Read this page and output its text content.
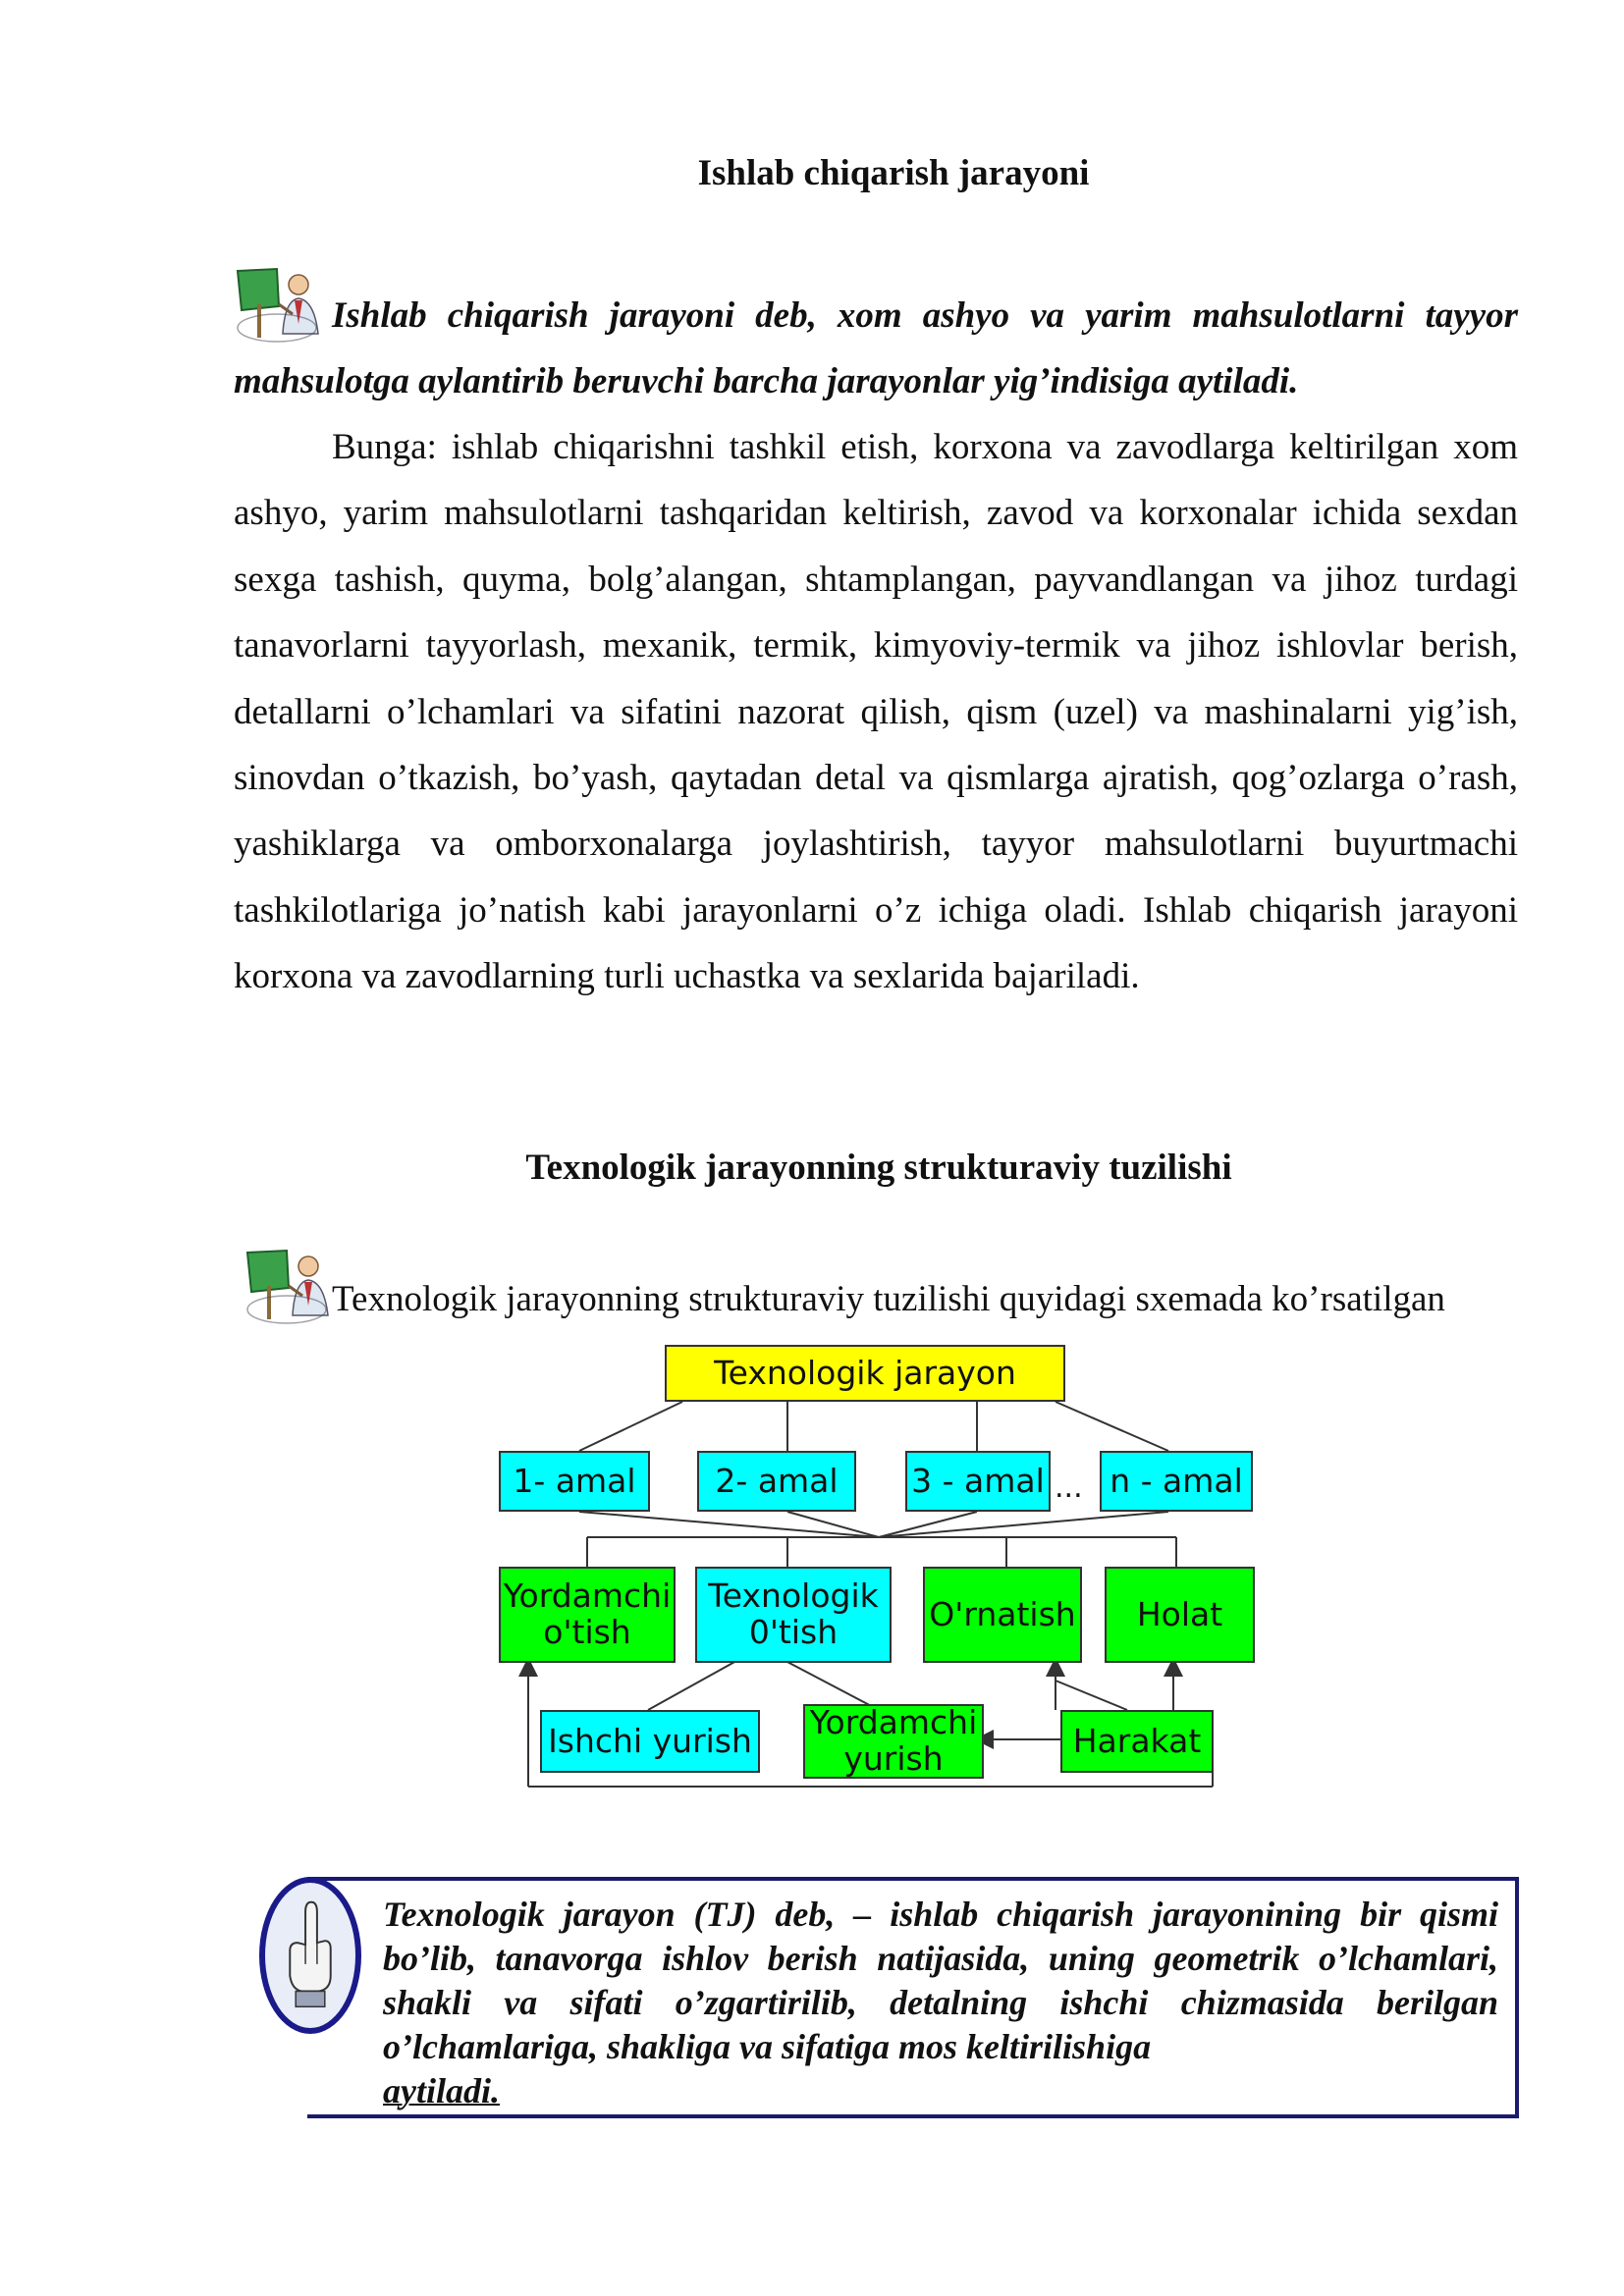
Ishlab chiqarish jarayoni

Ishlab chiqarish jarayoni deb, xom ashyo va yarim mahsulotlarni tayyor mahsulotga aylantirib beruvchi barcha jarayonlar yig’indisiga aytiladi.

Bunga: ishlab chiqarishni tashkil etish, korxona va zavodlarga keltirilgan xom ashyo, yarim mahsulotlarni tashqaridan keltirish, zavod va korxonalar ichida sexdan sexga tashish, quyma, bolg’alangan, shtamplangan, payvandlangan va jihoz turdagi tanavorlarni tayyorlash, mexanik, termik, kimyoviy-termik va jihoz ishlovlar berish, detallarni o’lchamlari va sifatini nazorat qilish, qism (uzel) va mashinalarni yig’ish, sinovdan o’tkazish, bo’yash, qaytadan detal va qismlarga ajratish, qog’ozlarga o’rash, yashiklarga va omborxonalarga joylashtirish, tayyor mahsulotlarni buyurtmachi tashkilotlariga jo’natish kabi jarayonlarni o’z ichiga oladi. Ishlab chiqarish jarayoni korxona va zavodlarning turli uchastka va sexlarida bajariladi.

Texnologik jarayonning strukturaviy tuzilishi
Texnologik jarayonning strukturaviy tuzilishi quyidagi sxemada ko’rsatilgan
Texnologik jarayon
1- amal	2- amal	3 - amal ... n - amal
Yordamchi
o'tish
Texnologik
0'tish	O'rnatish	Holat
Ishchi yurish Yordamchi
yurish	Harakat

Texnologik jarayon (TJ) deb, – ishlab chiqarish jarayonining bir qismi bo’lib, tanavorga ishlov berish natijasida, uning geometrik o’lchamlari, shakli va sifati o’zgartirilib, detalning ishchi chizmasida berilgan o’lchamlariga, shakliga va sifatiga mos keltirilishiga
aytiladi.
